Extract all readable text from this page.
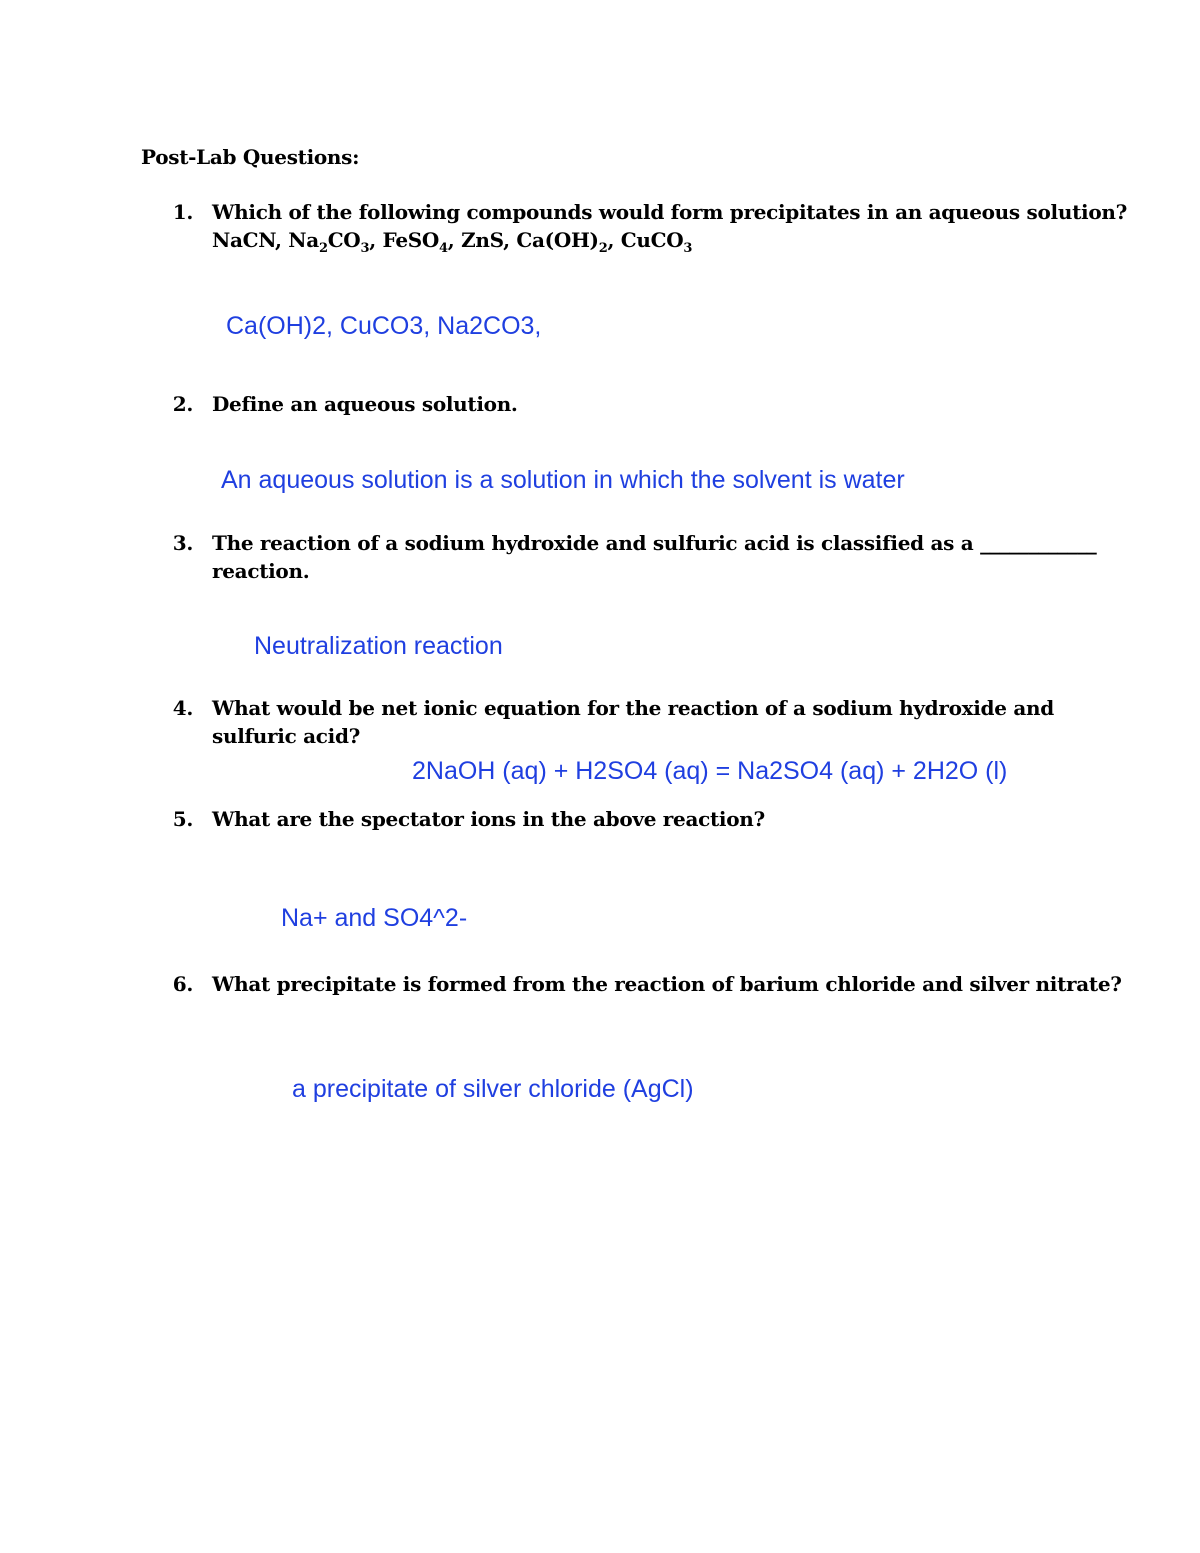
Post-Lab Questions:
1. Which of the following compounds would form precipitates in an aqueous solution?
NaCN, $Na_2CO_3$, FeSO$_4$, ZnS, $Ca(OH)_2$, CuCO$_3$
Ca(OH)2, CuCO3, Na2CO3,
2. Define an aqueous solution.
An aqueous solution is a solution in which the solvent is water
3. The reaction of a sodium hydroxide and sulfuric acid is classified as a ____________
reaction.
Neutralization reaction
4. What would be net ionic equation for the reaction of a sodium hydroxide and
sulfuric acid?
2NaOH (aq) + H2SO4 (aq) = Na2SO4 (aq) + 2H2O (l)
5. What are the spectator ions in the above reaction?
Na+ and SO4^2-
6. What precipitate is formed from the reaction of barium chloride and silver nitrate?
a precipitate of silver chloride (AgCl)
